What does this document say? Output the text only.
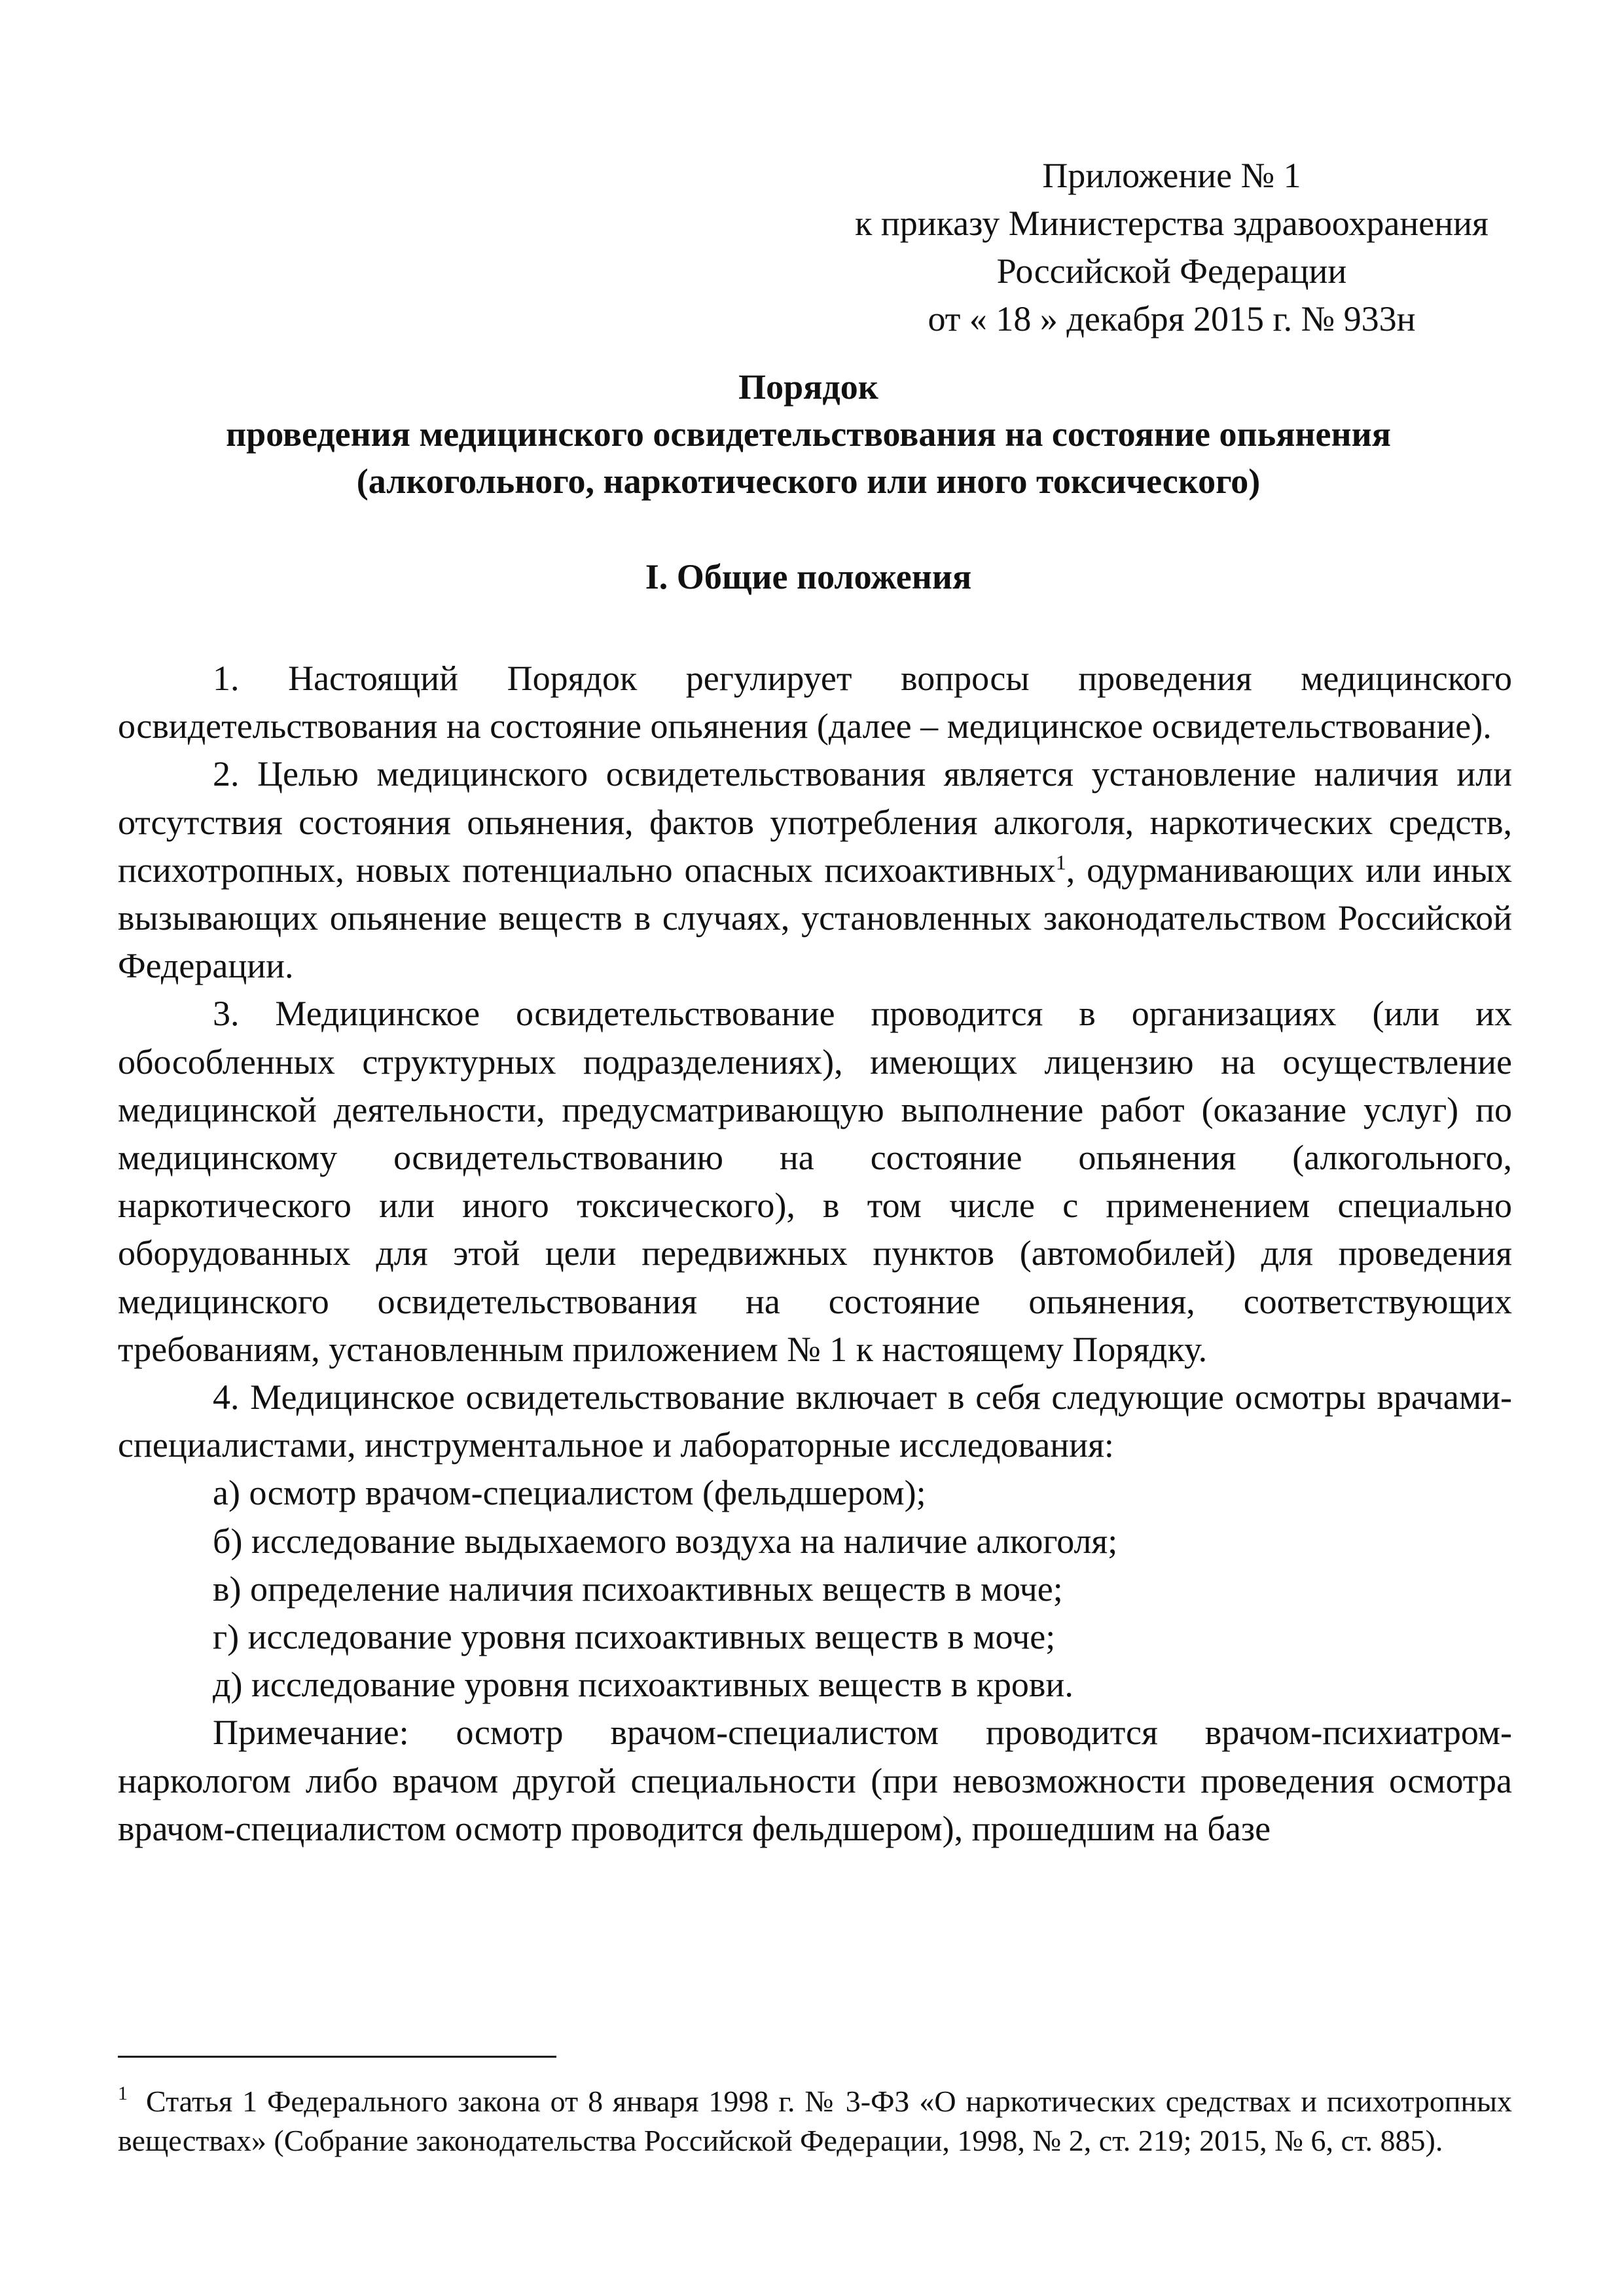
Приложение № 1
к приказу Министерства здравоохранения
Российской Федерации
от « 18 » декабря 2015 г. № 933н
Порядок
проведения медицинского освидетельствования на состояние опьянения
(алкогольного, наркотического или иного токсического)
I. Общие положения

1. Настоящий Порядок регулирует вопросы проведения медицинского освидетельствования на состояние опьянения (далее – медицинское освидетельствование).

2. Целью медицинского освидетельствования является установление наличия или отсутствия состояния опьянения, фактов употребления алкоголя, наркотических средств, психотропных, новых потенциально опасных психоактивных$^1$, одурманивающих или иных вызывающих опьянение веществ в случаях, установленных законодательством Российской Федерации.

3. Медицинское освидетельствование проводится в организациях (или их обособленных структурных подразделениях), имеющих лицензию на осуществление медицинской деятельности, предусматривающую выполнение работ (оказание услуг) по медицинскому освидетельствованию на состояние опьянения (алкогольного, наркотического или иного токсического), в том числе с применением специально оборудованных для этой цели передвижных пунктов (автомобилей) для проведения медицинского освидетельствования на состояние опьянения, соответствующих требованиям, установленным приложением № 1 к настоящему Порядку.

4. Медицинское освидетельствование включает в себя следующие осмотры врачами-специалистами, инструментальное и лабораторные исследования:

а) осмотр врачом-специалистом (фельдшером);

б) исследование выдыхаемого воздуха на наличие алкоголя;

в) определение наличия психоактивных веществ в моче;

г) исследование уровня психоактивных веществ в моче;

д) исследование уровня психоактивных веществ в крови.

Примечание: осмотр врачом-специалистом проводится врачом-психиатром-наркологом либо врачом другой специальности (при невозможности проведения осмотра врачом-специалистом осмотр проводится фельдшером), прошедшим на базе

1 Статья 1 Федерального закона от 8 января 1998 г. № 3-ФЗ «О наркотических средствах и психотропных веществах» (Собрание законодательства Российской Федерации, 1998, № 2, ст. 219; 2015, № 6, ст. 885).
